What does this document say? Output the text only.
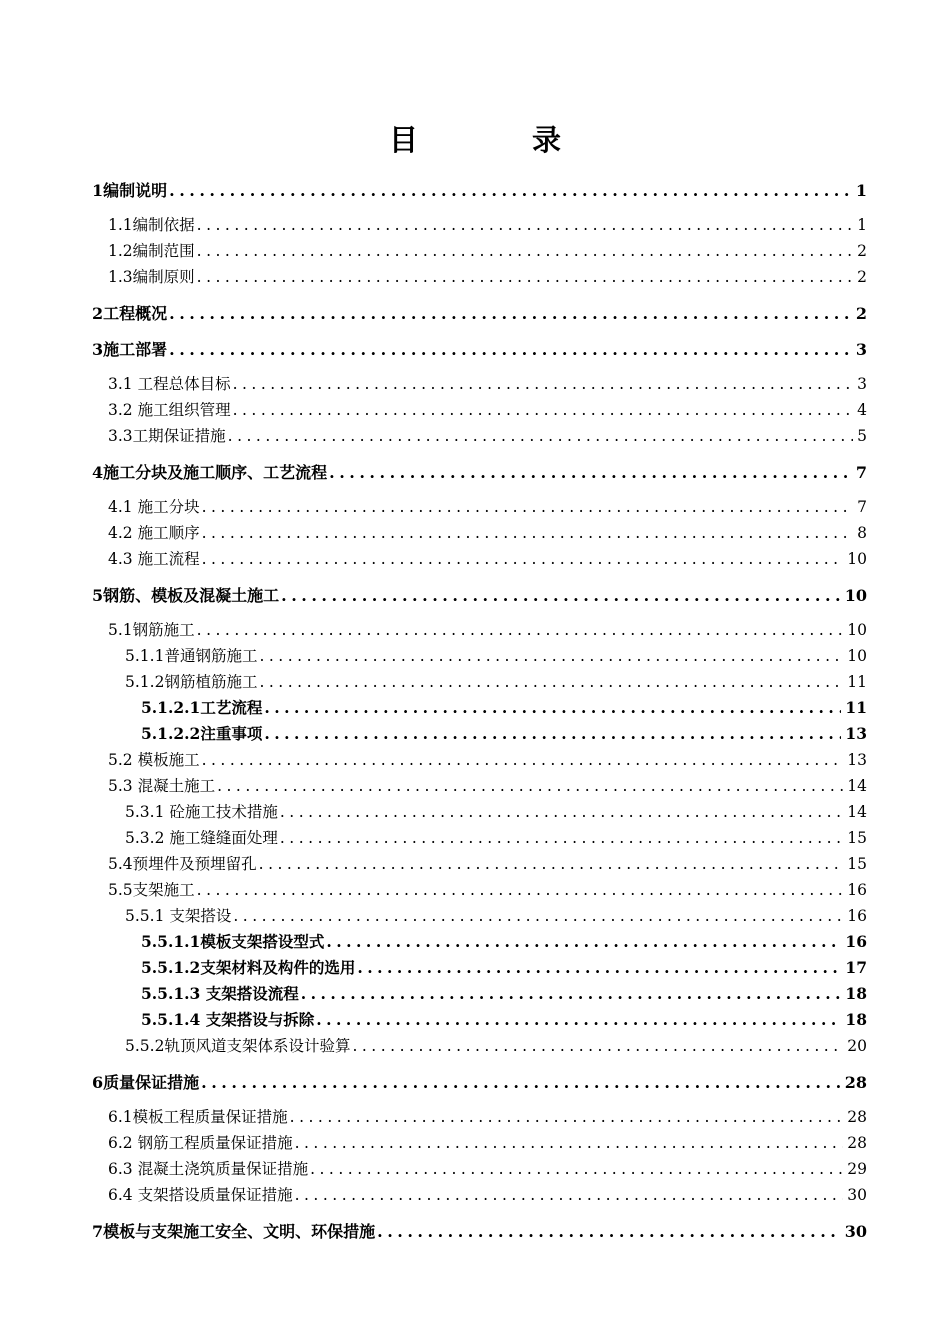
目 录
1编制说明 .....	1
1.1编制依据 .....	1
1.2编制范围 .....	2
1.3编制原则 .....	2
2工程概况 .....	2
3施工部署 .....	3
3.1 工程总体目标 .....	3
3.2 施工组织管理 .....	4
3.3工期保证措施 .....	5
4施工分块及施工顺序、工艺流程 .....	7
4.1 施工分块 .....	7
4.2 施工顺序 .....	8
4.3 施工流程 .....	10
5钢筋、模板及混凝土施工 .....	10
5.1钢筋施工 .....	10
5.1.1普通钢筋施工 .....	10
5.1.2钢筋植筋施工 .....	11
5.1.2.1工艺流程 .....	11
5.1.2.2注重事项 .....	13
5.2 模板施工 .....	13
5.3 混凝土施工 .....	14
5.3.1 砼施工技术措施 .....	14
5.3.2 施工缝缝面处理 .....	15
5.4预埋件及预埋留孔 .....	15
5.5支架施工 .....	16
5.5.1 支架搭设 .....	16
5.5.1.1模板支架搭设型式 .....	16
5.5.1.2支架材料及构件的选用 .....	17
5.5.1.3 支架搭设流程 .....	18
5.5.1.4 支架搭设与拆除 .....	18
5.5.2轨顶风道支架体系设计验算 .....	20
6质量保证措施 .....	28
6.1模板工程质量保证措施 .....	28
6.2 钢筋工程质量保证措施 .....	28
6.3 混凝土浇筑质量保证措施 .....	29
6.4 支架搭设质量保证措施 .....	30
7模板与支架施工安全、文明、环保措施 .....	30
